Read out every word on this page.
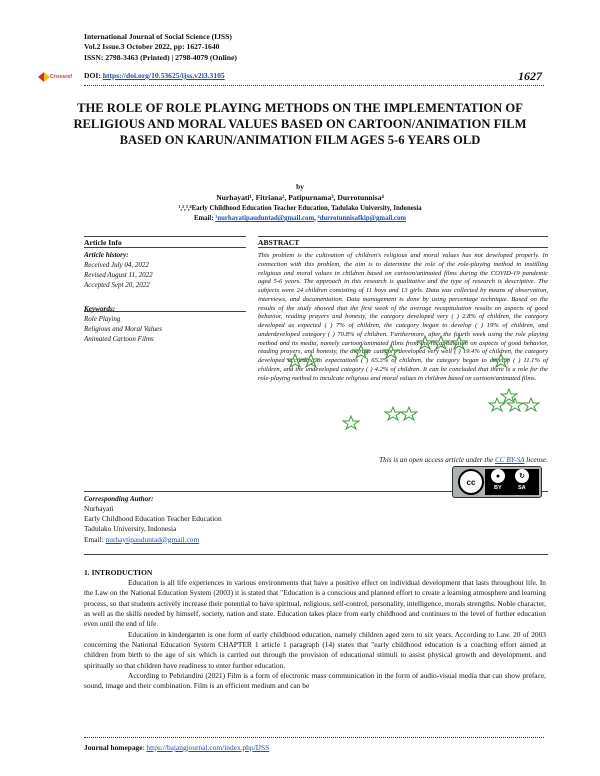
International Journal of Social Science (IJSS)
Vol.2 Issue.3 October 2022, pp: 1627-1640
ISSN: 2798-3463 (Printed) | 2798-4079 (Online)
Crossref DOI: https://doi.org/10.53625/ijss.v2i3.3105	1627
THE ROLE OF ROLE PLAYING METHODS ON THE IMPLEMENTATION OF RELIGIOUS AND MORAL VALUES BASED ON CARTOON/ANIMATION FILM BASED ON KARUN/ANIMATION FILM AGES 5-6 YEARS OLD
by
Nurhayati¹, Fitriana², Patipurnama³, Durrotunnisa⁴
¹,²,³,⁴Early Childhood Education Teacher Education, Tadulako University, Indonesia
Email: ¹nurhayatipauduntad@gmail.com, ⁴durrotunnisafkip@gmail.com
Article Info
Article history:
Received July 04, 2022
Revised August 11, 2022
Accepted Sept 20, 2022
Keywords:
Role Playing
Religious and Moral Values
Animated Cartoon Films
ABSTRACT
This problem is the cultivation of children's religious and moral values has not developed properly. In connection with this problem, the aim is to determine the role of the role-playing method in instilling religious and moral values in children based on cartoon/animated films during the COVID-19 pandemic aged 5-6 years. The approach in this research is qualitative and the type of research is descriptive. The subjects were 24 children consisting of 11 boys and 13 girls. Data was collected by means of observation, interviews, and documentation. Data management is done by using percentage technique. Based on the results of the study showed that the first week of the average recapitulation results on aspects of good behavior, reading prayers and honesty, the category developed very ( ) 2.8% of children, the category developed as expected ( ) 7% of children, the category began to develop ( ) 19% of children, and underdeveloped category ( ) 70.8% of children. Furthermore, after the fourth week using the role playing method and its media, namely cartoon/animated films from the recapitulation on aspects of good behavior, reading prayers, and honesty, the average category developed very well ( ) 19.4% of children, the category developed according to expectations ( ) 65.3% of children, the category began to develop ( ) 11.1% of children, and the undeveloped category ( ) 4.2% of children. It can be concluded that there is a role for the role-playing method to inculcate religious and moral values in children based on cartoon/animated films.
This is an open access article under the CC BY-SA license.
cc
●	↻
BY	SA
Corresponding Author:
Nurhayati
Early Childhood Education Teacher Education
Tadulako University, Indonesia
Email: nurhaytipauduntad@gmail.com
1. INTRODUCTION

Education is all life experiences in various environments that have a positive effect on individual development that lasts throughout life. In the Law on the National Education System (2003) it is stated that "Education is a conscious and planned effort to create a learning atmosphere and learning process, so that students actively increase their potential to have spiritual, religious, self-control, personality, intelligence, morals strengths. Noble character, as well as the skills needed by himself, society, nation and state. Education takes place from early childhood and continues to the level of further education even until the end of life.

Education in kindergarten is one form of early childhood education, namely children aged zero to six years. According to Law. 20 of 2003 concerning the National Education System CHAPTER 1 article 1 paragraph (14) states that "early childhood education is a coaching effort aimed at children from birth to the age of six which is carried out through the provision of educational stimuli to assist physical growth and development. and spiritually so that children have readiness to enter further education.

According to Pebriandini (2021) Film is a form of electronic mass communication in the form of audio-visual media that can show preface, sound, image and their combination. Film is an efficient medium and can be

Journal homepage: https://bajangjournal.com/index.php/IJSS
